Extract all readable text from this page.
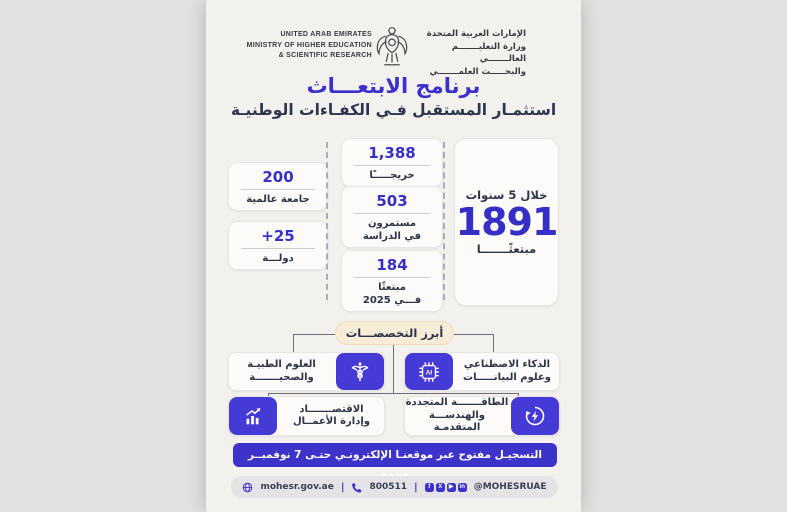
UNITED ARAB EMIRATES
MINISTRY OF HIGHER EDUCATION
& SCIENTIFIC RESEARCH
الإمارات العربية المتحدة
وزارة التعليـــــــم العالـــــــي
والبحـــــث العلمـــــــي
برنامج الابتعـــاث
استثمـار المستقبل فـي الكفـاءات الوطنيـة
200
جامعة عالمية
25+
دولـــة
1,388
خريجـــــًا
503
مستمرون
في الدراسة
184
مبتعثًا
فـــي 2025
خلال 5 سنوات
1891
مبتعثًـــــــا
أبرز التخصصـــات
العلوم الطبيـة
والصحيـــــــة	AI
الذكاء الاصطناعي
وعلوم البيانـــــات
الاقتصـــــــاد
وإدارة الأعمــال
الطاقـــــــة المتجددة
والهندســـة المتقدمـة
التسجيـل مفتوح عبر موقعنـا الإلكترونـي حتـى 7 نوفمبــر
mohesr.gov.ae |	800511 |	f	X	▶	in @MOHESRUAE
